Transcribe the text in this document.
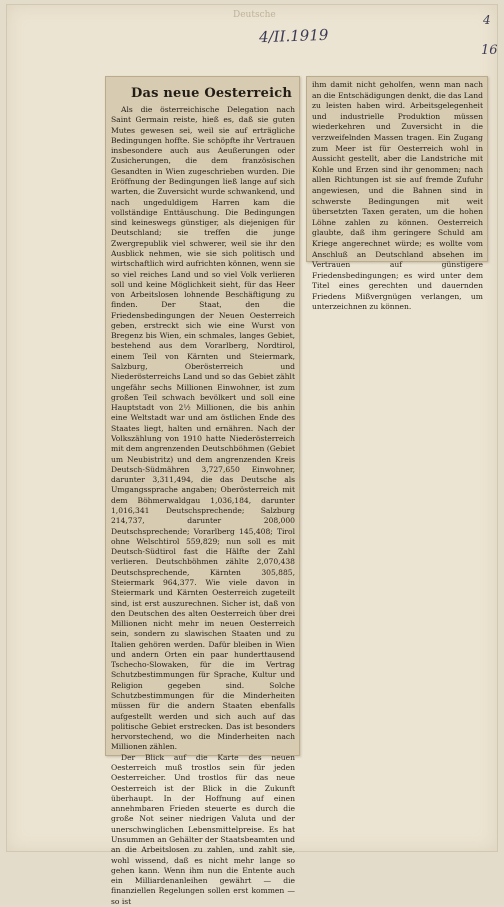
Deutsche
4/II.1919
4
16
Das neue Oesterreich

Als die österreichische Delegation nach Saint Germain reiste, hieß es, daß sie guten Mutes gewesen sei, weil sie auf erträgliche Bedingungen hoffte. Sie schöpfte ihr Vertrauen insbesondere auch aus Aeußerungen oder Zusicherungen, die dem französischen Gesandten in Wien zugeschrieben wurden. Die Eröffnung der Bedingungen ließ lange auf sich warten, die Zuversicht wurde schwankend, und nach ungeduldigem Harren kam die vollständige Enttäuschung. Die Bedingungen sind keineswegs günstiger, als diejenigen für Deutschland; sie treffen die junge Zwergrepublik viel schwerer, weil sie ihr den Ausblick nehmen, wie sie sich politisch und wirtschaftlich wird aufrichten können, wenn sie so viel reiches Land und so viel Volk verlieren soll und keine Möglichkeit sieht, für das Heer von Arbeitslosen lohnende Beschäftigung zu finden. Der Staat, den die Friedensbedingungen der Neuen Oesterreich geben, erstreckt sich wie eine Wurst von Bregenz bis Wien, ein schmales, langes Gebiet, bestehend aus dem Vorarlberg, Nordtirol, einem Teil von Kärnten und Steiermark, Salzburg, Oberösterreich und Niederösterreichs Land und so das Gebiet zählt ungefähr sechs Millionen Einwohner, ist zum großen Teil schwach bevölkert und soll eine Hauptstadt von 2½ Millionen, die bis anhin eine Weltstadt war und am östlichen Ende des Staates liegt, halten und ernähren. Nach der Volkszählung von 1910 hatte Niederösterreich mit dem angrenzenden Deutschböhmen (Gebiet um Neubistritz) und dem angrenzenden Kreis Deutsch-Südmähren 3,727,650 Einwohner, darunter 3,311,494, die das Deutsche als Umgangssprache angaben; Oberösterreich mit dem Böhmerwaldgau 1,036,184, darunter 1,016,341 Deutschsprechende; Salzburg 214,737, darunter 208,000 Deutschsprechende; Vorarlberg 145,408; Tirol ohne Welschtirol 559,829; nun soll es mit Deutsch-Südtirol fast die Hälfte der Zahl verlieren. Deutschböhmen zählte 2,070,438 Deutschsprechende, Kärnten 305,885, Steiermark 964,377. Wie viele davon in Steiermark und Kärnten Oesterreich zugeteilt sind, ist erst auszurechnen. Sicher ist, daß von den Deutschen des alten Oesterreich über drei Millionen nicht mehr im neuen Oesterreich sein, sondern zu slawischen Staaten und zu Italien gehören werden. Dafür bleiben in Wien und andern Orten ein paar hunderttausend Tschecho-Slowaken, für die im Vertrag Schutzbestimmungen für Sprache, Kultur und Religion gegeben sind. Solche Schutzbestimmungen für die Minderheiten müssen für die andern Staaten ebenfalls aufgestellt werden und sich auch auf das politische Gebiet erstrecken. Das ist besonders hervorstechend, wo die Minderheiten nach Millionen zählen.

Der Blick auf die Karte des neuen Oesterreich muß trostlos sein für jeden Oesterreicher. Und trostlos für das neue Oesterreich ist der Blick in die Zukunft überhaupt. In der Hoffnung auf einen annehmbaren Frieden steuerte es durch die große Not seiner niedrigen Valuta und der unerschwinglichen Lebensmittelpreise. Es hat Unsummen an Gehälter der Staatsbeamten und an die Arbeitslosen zu zahlen, und zahlt sie, wohl wissend, daß es nicht mehr lange so gehen kann. Wenn ihm nun die Entente auch ein Milliardenanleihen gewährt — die finanziellen Regelungen sollen erst kommen — so ist

ihm damit nicht geholfen, wenn man nach an die Entschädigungen denkt, die das Land zu leisten haben wird. Arbeitsgelegenheit und industrielle Produktion müssen wiederkehren und Zuversicht in die verzweifelnden Massen tragen. Ein Zugang zum Meer ist für Oesterreich wohl in Aussicht gestellt, aber die Landstriche mit Kohle und Erzen sind ihr genommen; nach allen Richtungen ist sie auf fremde Zufuhr angewiesen, und die Bahnen sind in schwerste Bedingungen mit weit übersetzten Taxen geraten, um die hohen Löhne zahlen zu können. Oesterreich glaubte, daß ihm geringere Schuld am Kriege angerechnet würde; es wollte vom Anschluß an Deutschland absehen im Vertrauen auf günstigere Friedensbedingungen; es wird unter dem Titel eines gerechten und dauernden Friedens Mißvergnügen verlangen, um unterzeichnen zu können.
